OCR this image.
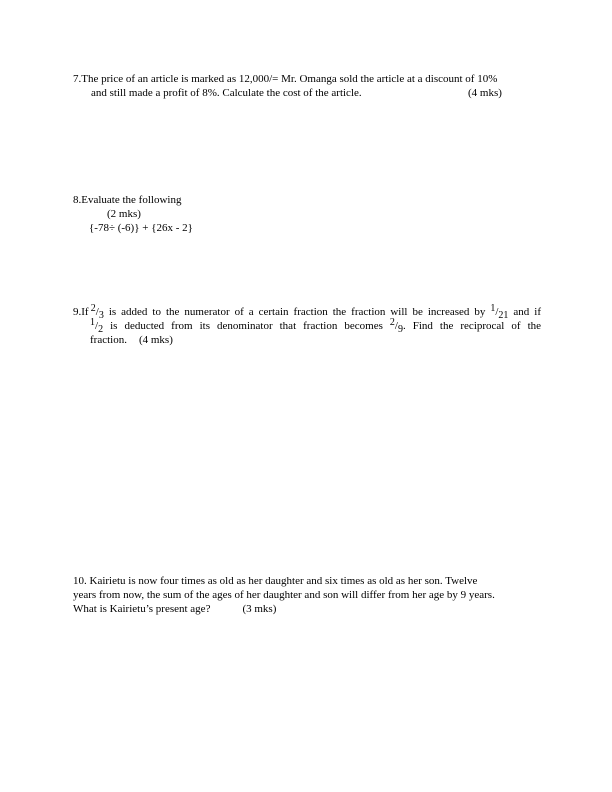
7.The price of an article is marked as 12,000/= Mr. Omanga sold the article at a discount of 10%
and still made a profit of 8%. Calculate the cost of the article.	(4 mks)
8.Evaluate the following
(2 mks)
{-78÷ (-6)} + {26x - 2}
9.If  $^2/_3$ is added to the numerator of a certain fraction the fraction will be increased by $^1/_{21}$ and if
$^1/_2$ is deducted from its denominator that fraction becomes $^2/_9$. Find the reciprocal of the
fraction. (4 mks)
10. Kairietu is now four times as old as her daughter and six times as old as her son. Twelve
years from now, the sum of the ages of her daughter and son will differ from her age by 9 years.
What is Kairietu’s present age?	(3 mks)
